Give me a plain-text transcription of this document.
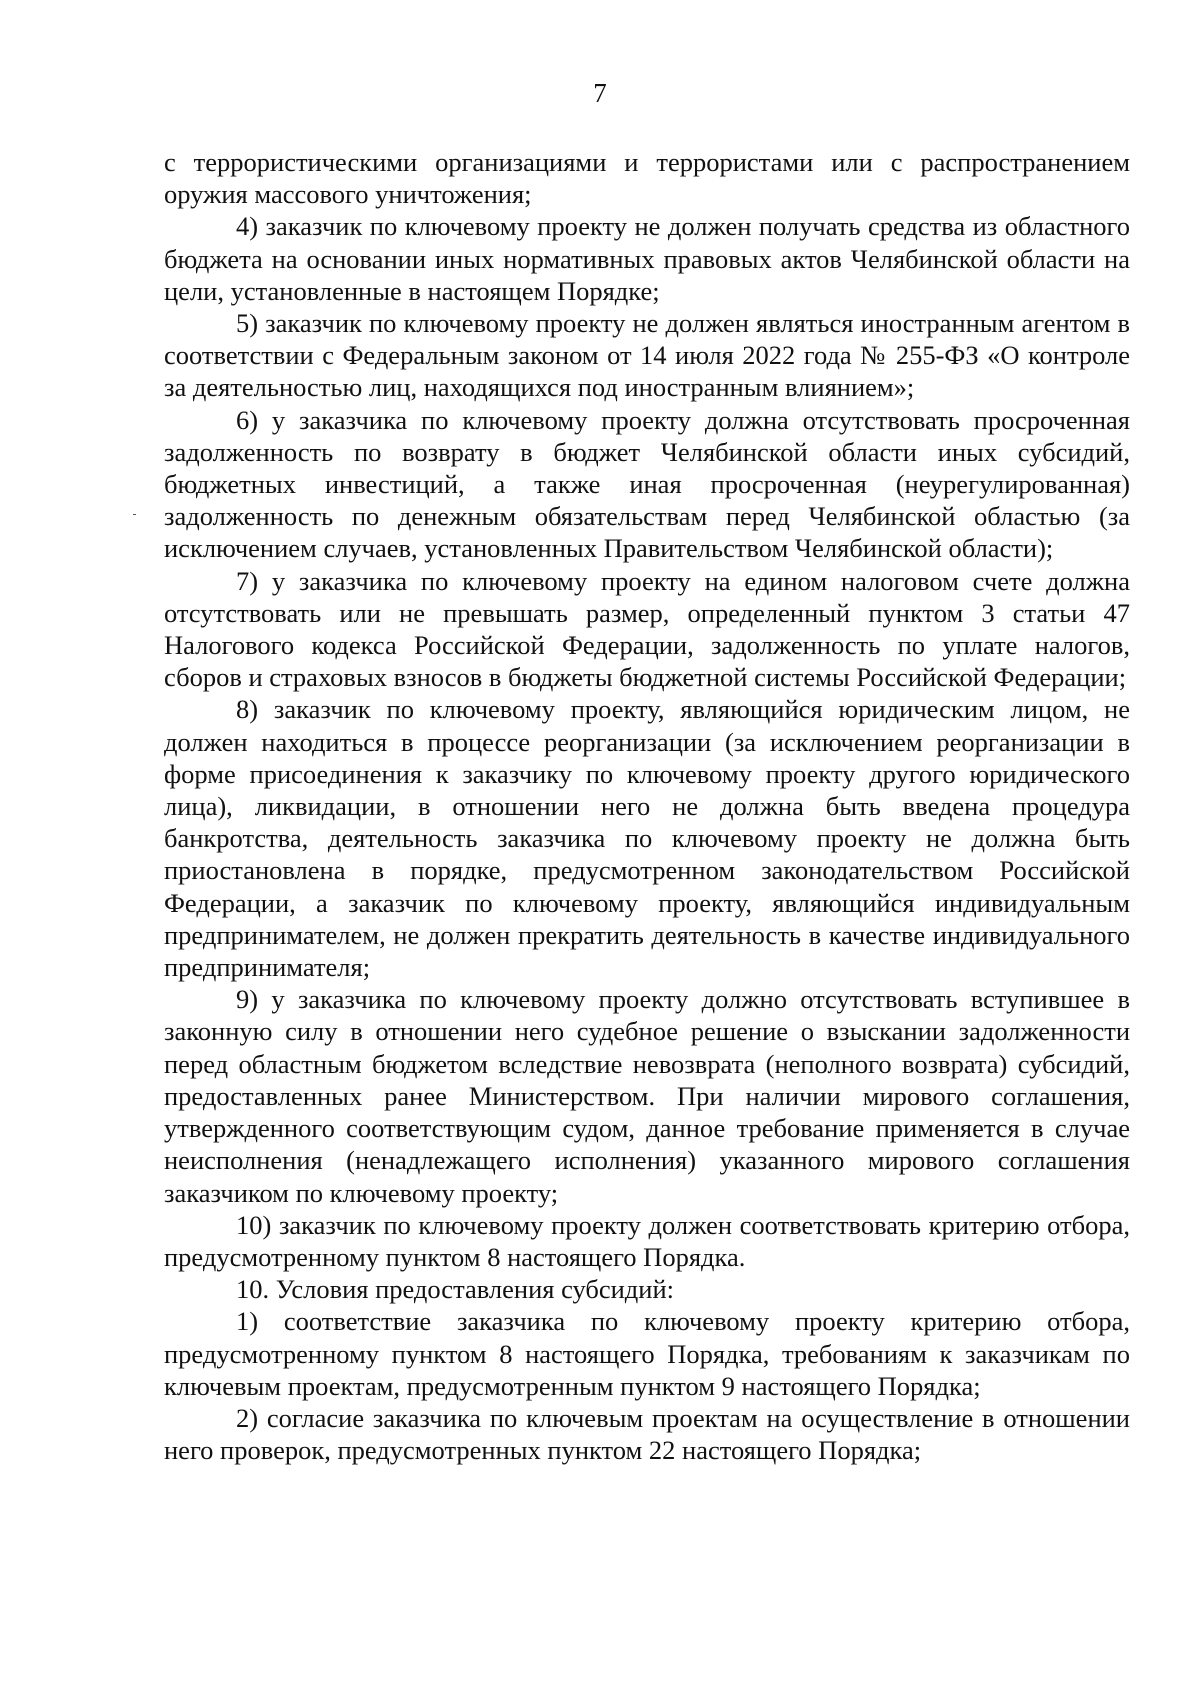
7

с террористическими организациями и террористами или с распространением оружия массового уничтожения;

4) заказчик по ключевому проекту не должен получать средства из областного бюджета на основании иных нормативных правовых актов Челябинской области на цели, установленные в настоящем Порядке;

5) заказчик по ключевому проекту не должен являться иностранным агентом в соответствии с Федеральным законом от 14 июля 2022 года № 255-ФЗ «О контроле за деятельностью лиц, находящихся под иностранным влиянием»;

6) у заказчика по ключевому проекту должна отсутствовать просроченная задолженность по возврату в бюджет Челябинской области иных субсидий, бюджетных инвестиций, а также иная просроченная (неурегулированная) задолженность по денежным обязательствам перед Челябинской областью (за исключением случаев, установленных Правительством Челябинской области);

7) у заказчика по ключевому проекту на едином налоговом счете должна отсутствовать или не превышать размер, определенный пунктом 3 статьи 47 Налогового кодекса Российской Федерации, задолженность по уплате налогов, сборов и страховых взносов в бюджеты бюджетной системы Российской Федерации;

8) заказчик по ключевому проекту, являющийся юридическим лицом, не должен находиться в процессе реорганизации (за исключением реорганизации в форме присоединения к заказчику по ключевому проекту другого юридического лица), ликвидации, в отношении него не должна быть введена процедура банкротства, деятельность заказчика по ключевому проекту не должна быть приостановлена в порядке, предусмотренном законодательством Российской Федерации, а заказчик по ключевому проекту, являющийся индивидуальным предпринимателем, не должен прекратить деятельность в качестве индивидуального предпринимателя;

9) у заказчика по ключевому проекту должно отсутствовать вступившее в законную силу в отношении него судебное решение о взыскании задолженности перед областным бюджетом вследствие невозврата (неполного возврата) субсидий, предоставленных ранее Министерством. При наличии мирового соглашения, утвержденного соответствующим судом, данное требование применяется в случае неисполнения (ненадлежащего исполнения) указанного мирового соглашения заказчиком по ключевому проекту;

10) заказчик по ключевому проекту должен соответствовать критерию отбора, предусмотренному пунктом 8 настоящего Порядка.

10. Условия предоставления субсидий:

1) соответствие заказчика по ключевому проекту критерию отбора, предусмотренному пунктом 8 настоящего Порядка, требованиям к заказчикам по ключевым проектам, предусмотренным пунктом 9 настоящего Порядка;

2) согласие заказчика по ключевым проектам на осуществление в отношении него проверок, предусмотренных пунктом 22 настоящего Порядка;
